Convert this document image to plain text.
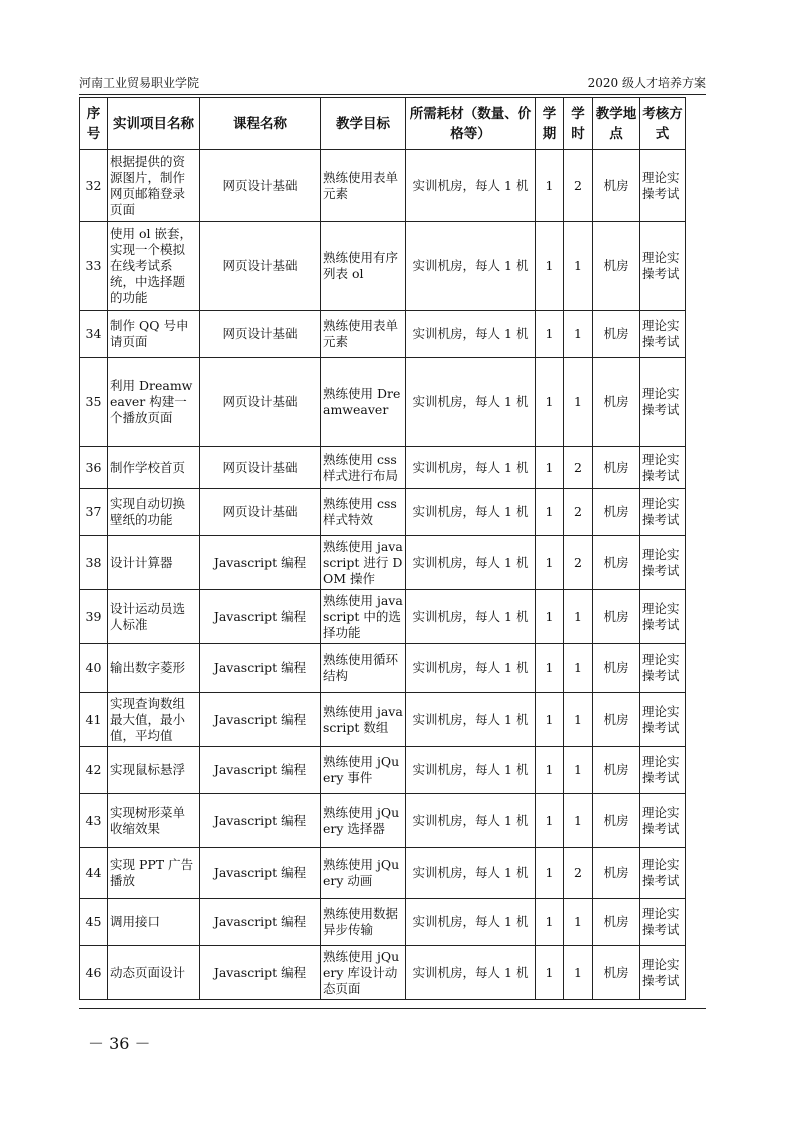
河南工业贸易职业学院	2020 级人才培养方案
序号	实训项目名称	课程名称	教学目标	所需耗材（数量、价格等）	学期	学时	教学地点	考核方式
32	根据提供的资源图片，制作网页邮箱登录页面	网页设计基础	熟练使用表单元素	实训机房，每人 1 机	1	2	机房	理论实操考试
33	使用 ol 嵌套，实现一个模拟在线考试系统，中选择题的功能	网页设计基础	熟练使用有序列表 ol	实训机房，每人 1 机	1	1	机房	理论实操考试
34	制作 QQ 号申请页面	网页设计基础	熟练使用表单元素	实训机房，每人 1 机	1	1	机房	理论实操考试
35	利用 Dreamweaver 构建一个播放页面	网页设计基础	熟练使用 Dreamweaver	实训机房，每人 1 机	1	1	机房	理论实操考试
36	制作学校首页	网页设计基础	熟练使用 css 样式进行布局	实训机房，每人 1 机	1	2	机房	理论实操考试
37	实现自动切换壁纸的功能	网页设计基础	熟练使用 css 样式特效	实训机房，每人 1 机	1	2	机房	理论实操考试
38	设计计算器	Javascript 编程	熟练使用 javascript 进行 DOM 操作	实训机房，每人 1 机	1	2	机房	理论实操考试
39	设计运动员选人标准	Javascript 编程	熟练使用 javascript 中的选择功能	实训机房，每人 1 机	1	1	机房	理论实操考试
40	输出数字菱形	Javascript 编程	熟练使用循环结构	实训机房，每人 1 机	1	1	机房	理论实操考试
41	实现查询数组最大值，最小值，平均值	Javascript 编程	熟练使用 javascript 数组	实训机房，每人 1 机	1	1	机房	理论实操考试
42	实现鼠标悬浮	Javascript 编程	熟练使用 jQuery 事件	实训机房，每人 1 机	1	1	机房	理论实操考试
43	实现树形菜单收缩效果	Javascript 编程	熟练使用 jQuery 选择器	实训机房，每人 1 机	1	1	机房	理论实操考试
44	实现 PPT 广告播放	Javascript 编程	熟练使用 jQuery 动画	实训机房，每人 1 机	1	2	机房	理论实操考试
45	调用接口	Javascript 编程	熟练使用数据异步传输	实训机房，每人 1 机	1	1	机房	理论实操考试
46	动态页面设计	Javascript 编程	熟练使用 jQuery 库设计动态页面	实训机房，每人 1 机	1	1	机房	理论实操考试
－ 36 －
